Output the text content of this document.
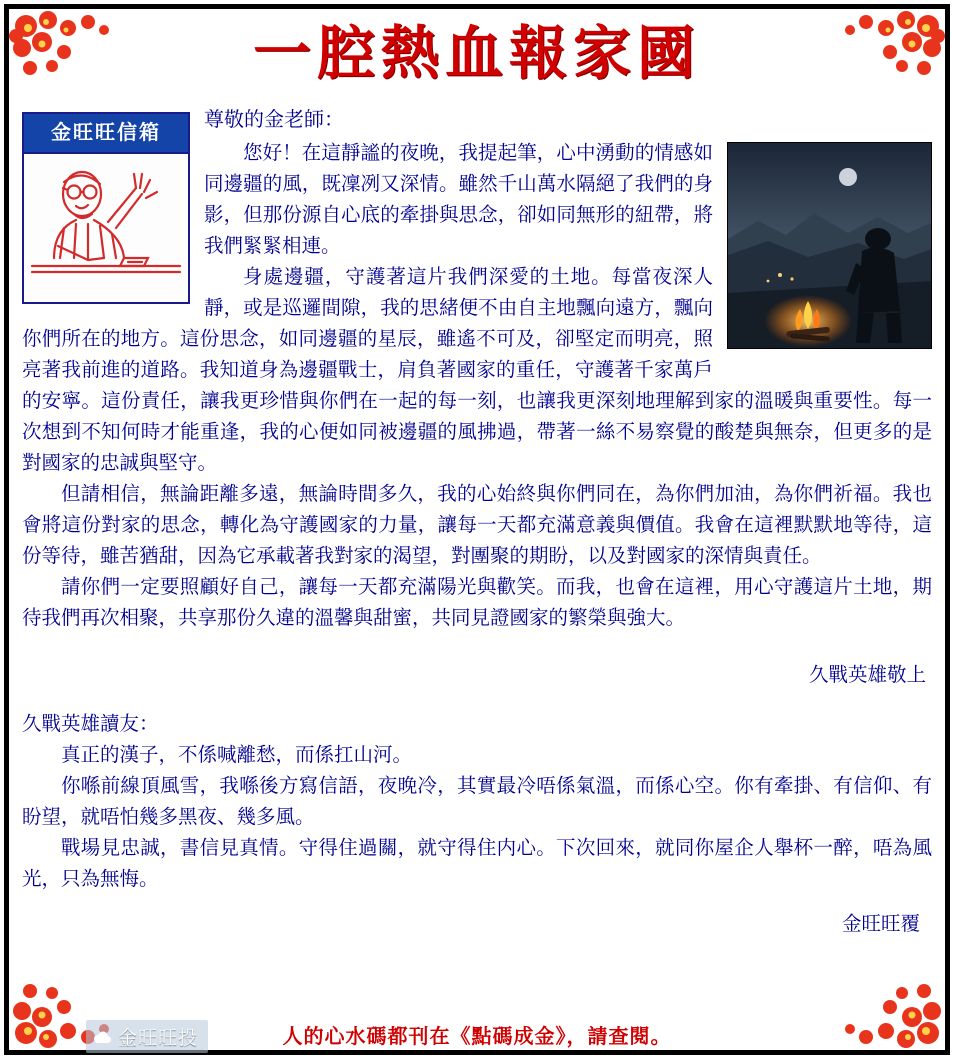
一腔熱血報家國
金旺旺信箱
尊敬的金老師：

您好！在這靜謐的夜晚，我提起筆，心中湧動的情感如同邊疆的風，既凜冽又深情。雖然千山萬水隔絕了我們的身影，但那份源自心底的牽掛與思念，卻如同無形的紐帶，將我們緊緊相連。

身處邊疆，守護著這片我們深愛的土地。每當夜深人靜，或是巡邏間隙，我的思緒便不由自主地飄向遠方，飄向你們所在的地方。這份思念，如同邊疆的星辰，雖遙不可及，卻堅定而明亮，照亮著我前進的道路。我知道身為邊疆戰士，肩負著國家的重任，守護著千家萬戶的安寧。這份責任，讓我更珍惜與你們在一起的每一刻，也讓我更深刻地理解到家的溫暖與重要性。每一次想到不知何時才能重逢，我的心便如同被邊疆的風拂過，帶著一絲不易察覺的酸楚與無奈，但更多的是對國家的忠誠與堅守。

但請相信，無論距離多遠，無論時間多久，我的心始終與你們同在，為你們加油，為你們祈福。我也會將這份對家的思念，轉化為守護國家的力量，讓每一天都充滿意義與價值。我會在這裡默默地等待，這份等待，雖苦猶甜，因為它承載著我對家的渴望，對團聚的期盼，以及對國家的深情與責任。

請你們一定要照顧好自己，讓每一天都充滿陽光與歡笑。而我，也會在這裡，用心守護這片土地，期待我們再次相聚，共享那份久違的溫馨與甜蜜，共同見證國家的繁榮與強大。

久戰英雄敬上
久戰英雄讀友：

真正的漢子，不係喊離愁，而係扛山河。

你喺前線頂風雪，我喺後方寫信語，夜晚冷，其實最冷唔係氣溫，而係心空。你有牽掛、有信仰、有盼望，就唔怕幾多黑夜、幾多風。

戰場見忠誠，書信見真情。守得住過關，就守得住内心。下次回來，就同你屋企人舉杯一醉，唔為風光，只為無悔。

金旺旺覆
人的心水碼都刊在《點碼成金》，請查閱。
金旺旺投
